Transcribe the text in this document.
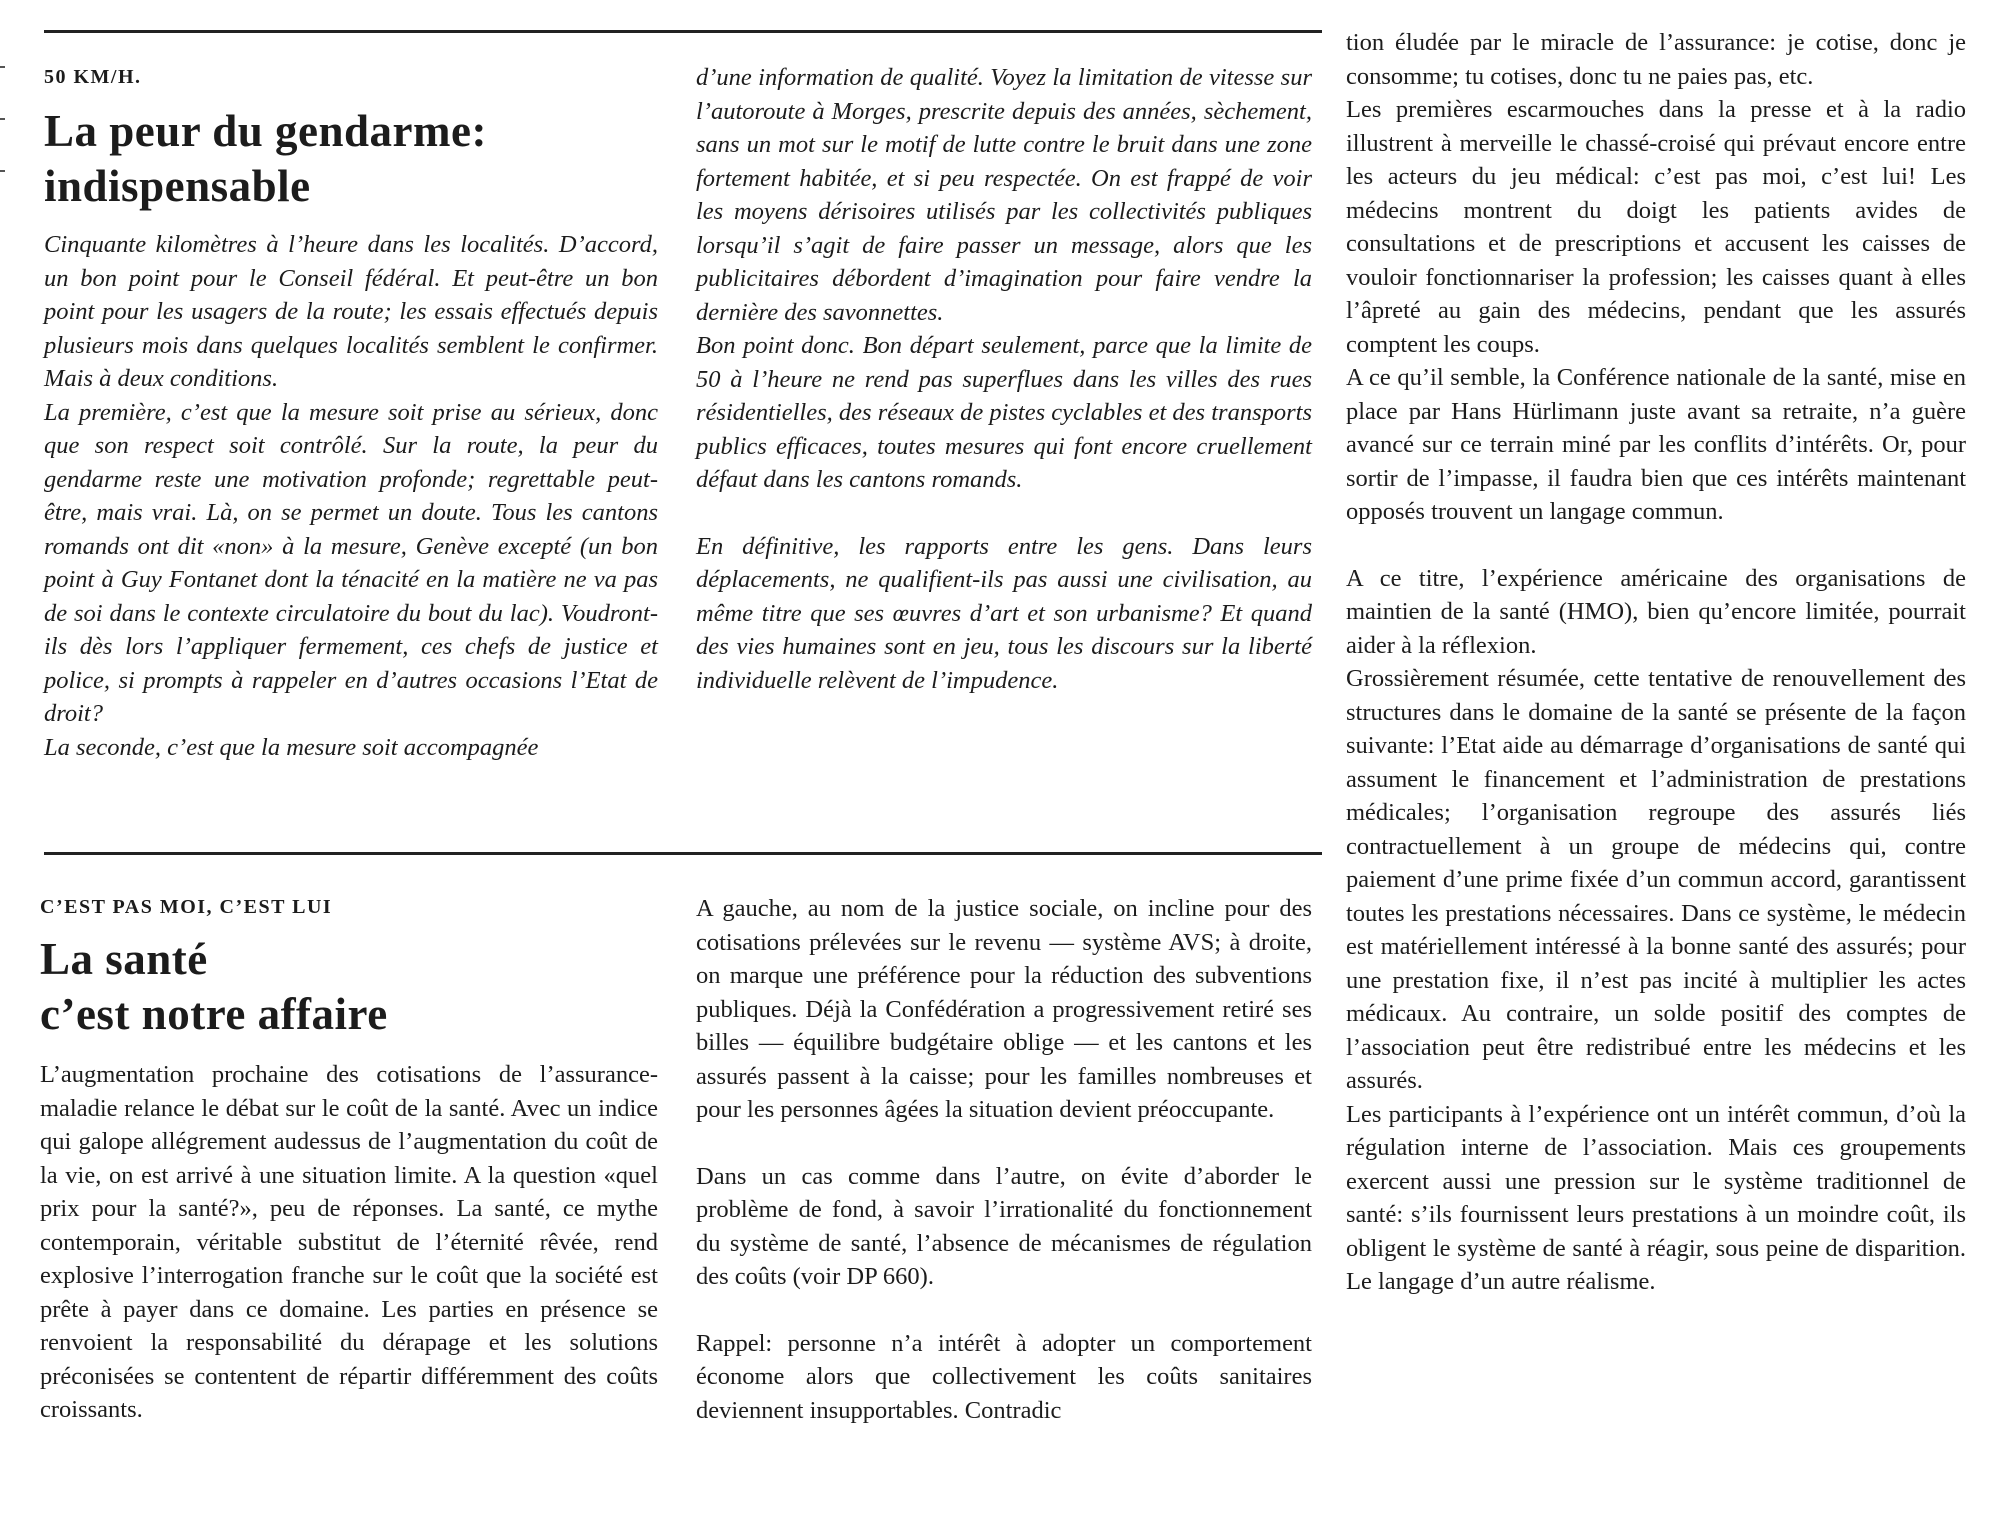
50 KM/H.
La peur du gendarme:
indispensable

Cinquante kilomètres à l’heure dans les localités. D’accord, un bon point pour le Conseil fédéral. Et peut-être un bon point pour les usagers de la route; les essais effectués depuis plusieurs mois dans quelques localités semblent le confirmer. Mais à deux conditions.

La première, c’est que la mesure soit prise au sérieux, donc que son respect soit contrôlé. Sur la route, la peur du gendarme reste une motivation profonde; regrettable peut-être, mais vrai. Là, on se permet un doute. Tous les cantons romands ont dit «non» à la mesure, Genève excepté (un bon point à Guy Fontanet dont la ténacité en la matière ne va pas de soi dans le contexte circulatoire du bout du lac). Voudront-ils dès lors l’appliquer fermement, ces chefs de justice et police, si prompts à rappeler en d’autres occasions l’Etat de droit?

La seconde, c’est que la mesure soit accompagnée

d’une information de qualité. Voyez la limitation de vitesse sur l’autoroute à Morges, prescrite depuis des années, sèchement, sans un mot sur le motif de lutte contre le bruit dans une zone fortement habitée, et si peu respectée. On est frappé de voir les moyens dérisoires utilisés par les collectivités publiques lorsqu’il s’agit de faire passer un message, alors que les publicitaires débordent d’imagination pour faire vendre la dernière des savonnettes.

Bon point donc. Bon départ seulement, parce que la limite de 50 à l’heure ne rend pas superflues dans les villes des rues résidentielles, des réseaux de pistes cyclables et des transports publics efficaces, toutes mesures qui font encore cruellement défaut dans les cantons romands.

En définitive, les rapports entre les gens. Dans leurs déplacements, ne qualifient-ils pas aussi une civilisation, au même titre que ses œuvres d’art et son urbanisme? Et quand des vies humaines sont en jeu, tous les discours sur la liberté individuelle relèvent de l’impudence.

C’EST PAS MOI, C’EST LUI
La santé
c’est notre affaire

L’augmentation prochaine des cotisations de l’assurance-maladie relance le débat sur le coût de la santé. Avec un indice qui galope allégrement audessus de l’augmentation du coût de la vie, on est arrivé à une situation limite. A la question «quel prix pour la santé?», peu de réponses. La santé, ce mythe contemporain, véritable substitut de l’éternité rêvée, rend explosive l’interrogation franche sur le coût que la société est prête à payer dans ce domaine. Les parties en présence se renvoient la responsabilité du dérapage et les solutions préconisées se contentent de répartir différemment des coûts croissants.

A gauche, au nom de la justice sociale, on incline pour des cotisations prélevées sur le revenu — système AVS; à droite, on marque une préférence pour la réduction des subventions publiques. Déjà la Confédération a progressivement retiré ses billes — équilibre budgétaire oblige — et les cantons et les assurés passent à la caisse; pour les familles nombreuses et pour les personnes âgées la situation devient préoccupante.

Dans un cas comme dans l’autre, on évite d’aborder le problème de fond, à savoir l’irrationalité du fonctionnement du système de santé, l’absence de mécanismes de régulation des coûts (voir DP 660).

Rappel: personne n’a intérêt à adopter un comportement économe alors que collectivement les coûts sanitaires deviennent insupportables. Contradic

tion éludée par le miracle de l’assurance: je cotise, donc je consomme; tu cotises, donc tu ne paies pas, etc.

Les premières escarmouches dans la presse et à la radio illustrent à merveille le chassé-croisé qui prévaut encore entre les acteurs du jeu médical: c’est pas moi, c’est lui! Les médecins montrent du doigt les patients avides de consultations et de prescriptions et accusent les caisses de vouloir fonctionnariser la profession; les caisses quant à elles l’âpreté au gain des médecins, pendant que les assurés comptent les coups.

A ce qu’il semble, la Conférence nationale de la santé, mise en place par Hans Hürlimann juste avant sa retraite, n’a guère avancé sur ce terrain miné par les conflits d’intérêts. Or, pour sortir de l’impasse, il faudra bien que ces intérêts maintenant opposés trouvent un langage commun.

A ce titre, l’expérience américaine des organisations de maintien de la santé (HMO), bien qu’encore limitée, pourrait aider à la réflexion.

Grossièrement résumée, cette tentative de renouvellement des structures dans le domaine de la santé se présente de la façon suivante: l’Etat aide au démarrage d’organisations de santé qui assument le financement et l’administration de prestations médicales; l’organisation regroupe des assurés liés contractuellement à un groupe de médecins qui, contre paiement d’une prime fixée d’un commun accord, garantissent toutes les prestations nécessaires. Dans ce système, le médecin est matériellement intéressé à la bonne santé des assurés; pour une prestation fixe, il n’est pas incité à multiplier les actes médicaux. Au contraire, un solde positif des comptes de l’association peut être redistribué entre les médecins et les assurés.

Les participants à l’expérience ont un intérêt commun, d’où la régulation interne de l’association. Mais ces groupements exercent aussi une pression sur le système traditionnel de santé: s’ils fournissent leurs prestations à un moindre coût, ils obligent le système de santé à réagir, sous peine de disparition. Le langage d’un autre réalisme.
